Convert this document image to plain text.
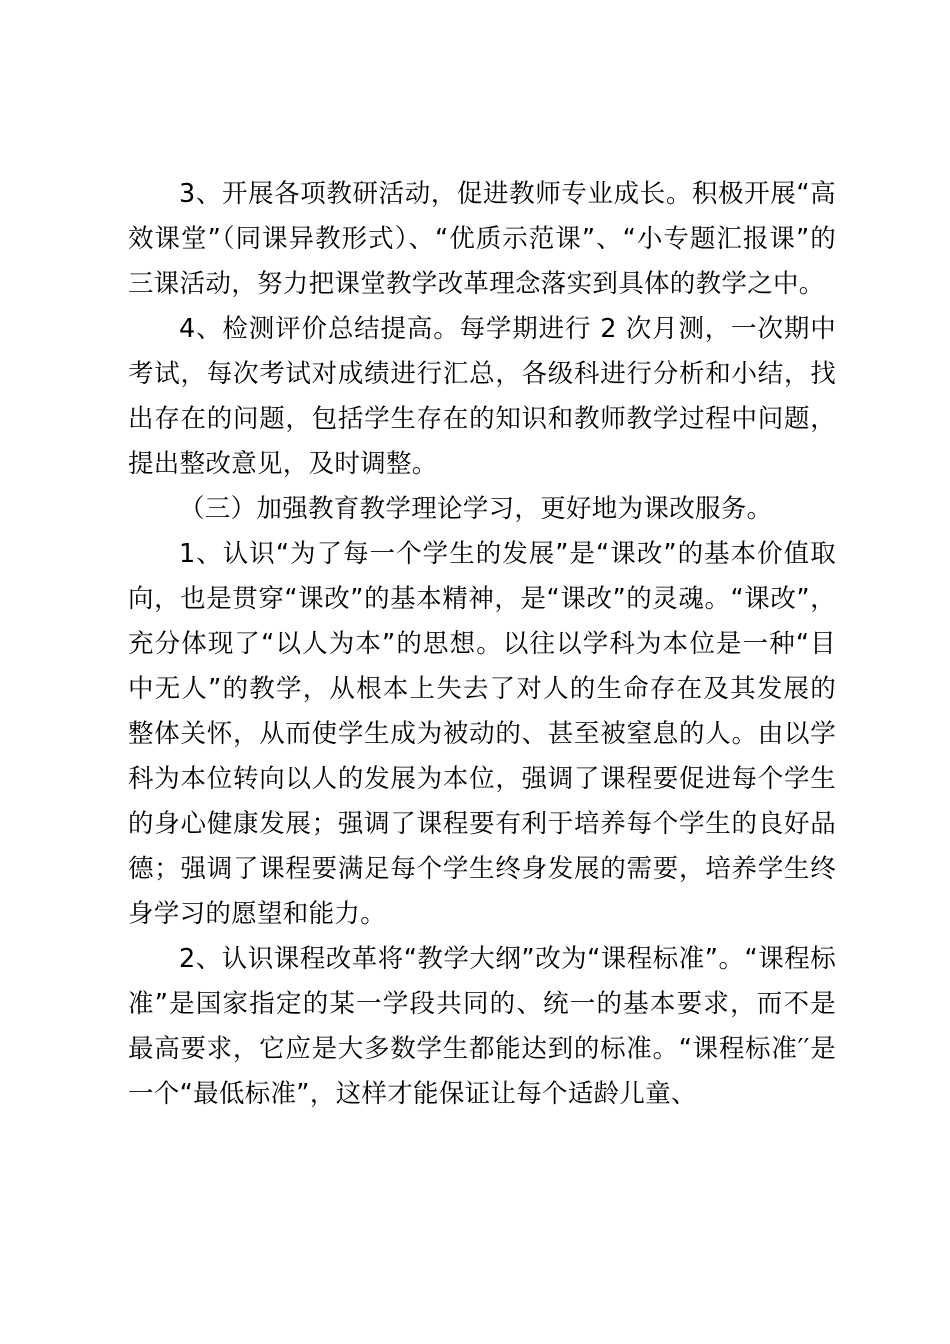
3、开展各项教研活动，促进教师专业成长。积极开展“高效课堂”（同课异教形式）、“优质示范课”、“小专题汇报课”的三课活动，努力把课堂教学改革理念落实到具体的教学之中。

4、检测评价总结提高。每学期进行 2 次月测，一次期中考试，每次考试对成绩进行汇总，各级科进行分析和小结，找出存在的问题，包括学生存在的知识和教师教学过程中问题，提出整改意见，及时调整。

（三）加强教育教学理论学习，更好地为课改服务。

1、认识“为了每一个学生的发展”是“课改”的基本价值取向，也是贯穿“课改”的基本精神，是“课改”的灵魂。“课改”，充分体现了“以人为本”的思想。以往以学科为本位是一种“目中无人”的教学，从根本上失去了对人的生命存在及其发展的整体关怀，从而使学生成为被动的、甚至被窒息的人。由以学科为本位转向以人的发展为本位，强调了课程要促进每个学生的身心健康发展；强调了课程要有利于培养每个学生的良好品德；强调了课程要满足每个学生终身发展的需要，培养学生终身学习的愿望和能力。

2、认识课程改革将“教学大纲”改为“课程标准”。“课程标准”是国家指定的某一学段共同的、统一的基本要求，而不是最高要求，它应是大多数学生都能达到的标准。“课程标准′′是一个“最低标准”，这样才能保证让每个适龄儿童、
